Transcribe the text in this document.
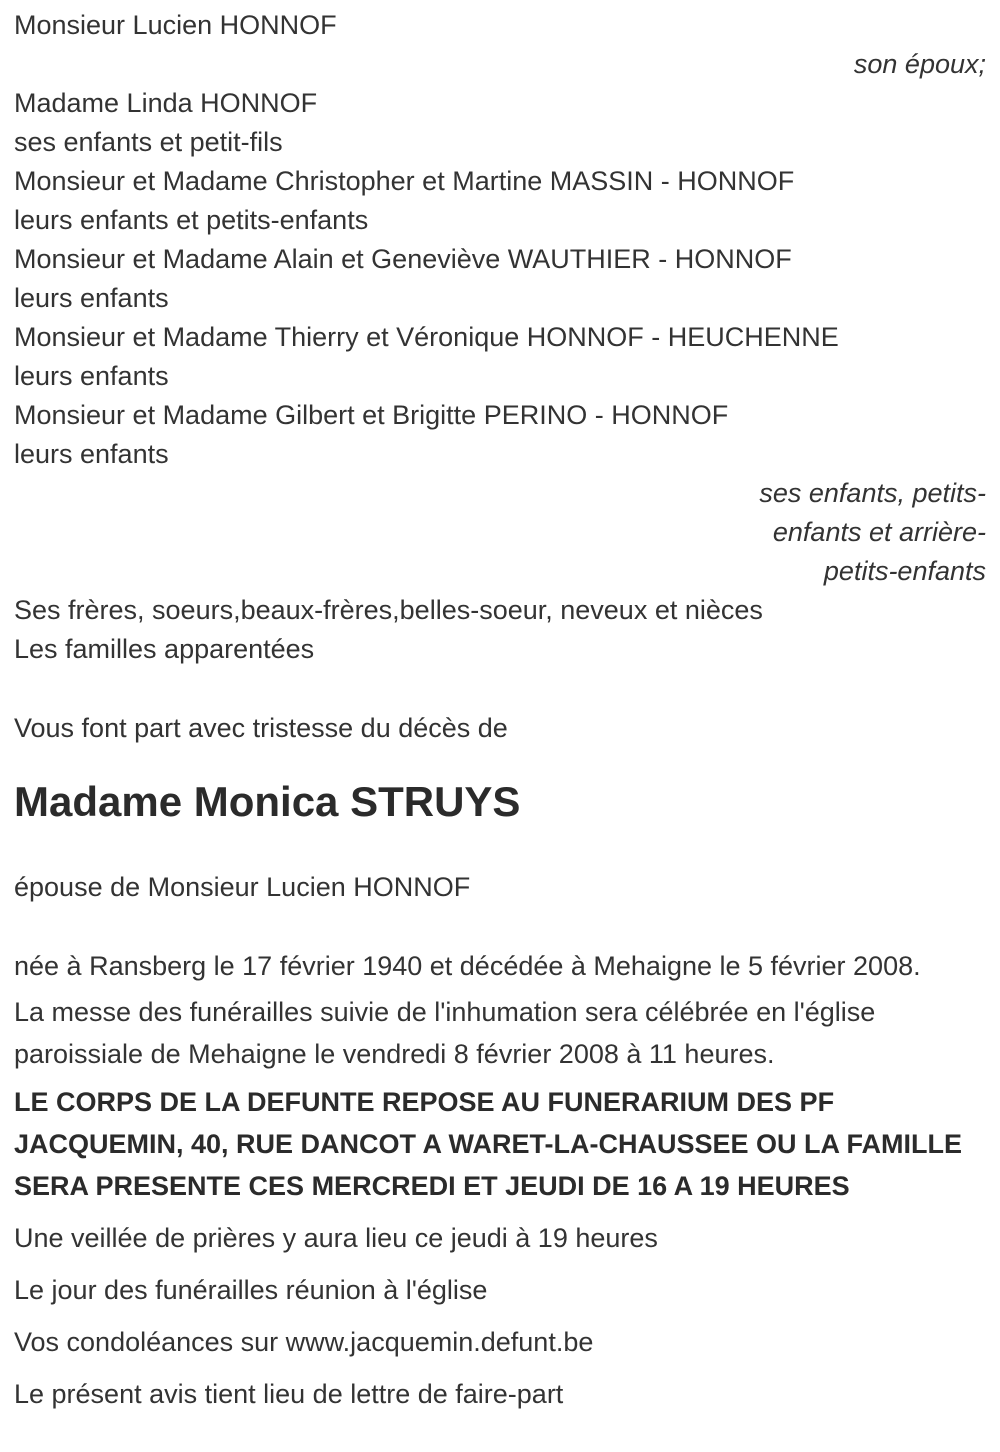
Monsieur Lucien HONNOF
son époux;
Madame Linda HONNOF
ses enfants et petit-fils
Monsieur et Madame Christopher et Martine MASSIN - HONNOF
leurs enfants et petits-enfants
Monsieur et Madame Alain et Geneviève WAUTHIER - HONNOF
leurs enfants
Monsieur et Madame Thierry et Véronique HONNOF - HEUCHENNE
leurs enfants
Monsieur et Madame Gilbert et Brigitte PERINO - HONNOF
leurs enfants
ses enfants, petits-
enfants et arrière-
petits-enfants
Ses frères, soeurs,beaux-frères,belles-soeur, neveux et nièces
Les familles apparentées
Vous font part avec tristesse du décès de
Madame Monica STRUYS
épouse de Monsieur Lucien HONNOF
née à Ransberg le 17 février 1940 et décédée à Mehaigne le 5 février 2008.
La messe des funérailles suivie de l'inhumation sera célébrée en l'église paroissiale de Mehaigne le vendredi 8 février 2008 à 11 heures.
LE CORPS DE LA DEFUNTE REPOSE AU FUNERARIUM DES PF JACQUEMIN, 40, RUE DANCOT A WARET-LA-CHAUSSEE OU LA FAMILLE SERA PRESENTE CES MERCREDI ET JEUDI DE 16 A 19 HEURES
Une veillée de prières y aura lieu ce jeudi à 19 heures
Le jour des funérailles réunion à l'église
Vos condoléances sur www.jacquemin.defunt.be
Le présent avis tient lieu de lettre de faire-part
